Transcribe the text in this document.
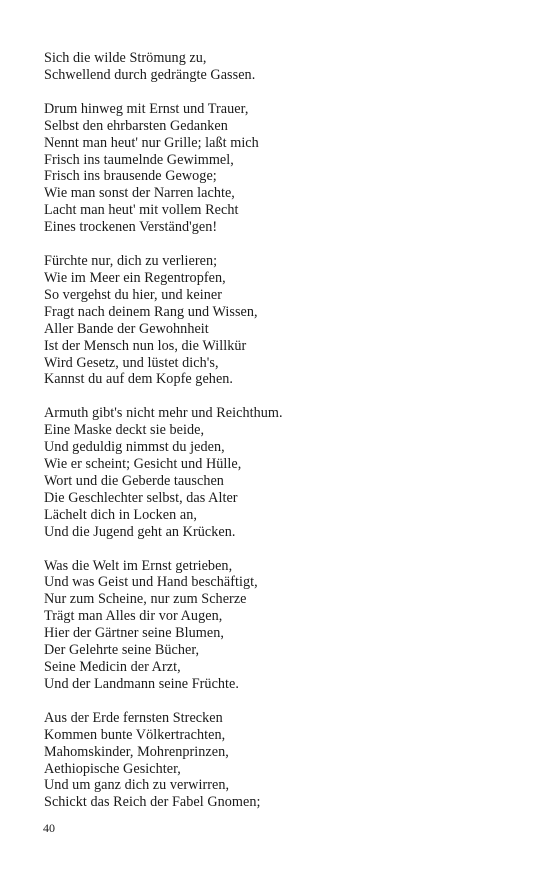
Sich die wilde Strömung zu,
Schwellend durch gedrängte Gassen.
Drum hinweg mit Ernst und Trauer,
Selbst den ehrbarsten Gedanken
Nennt man heut' nur Grille; laßt mich
Frisch ins taumelnde Gewimmel,
Frisch ins brausende Gewoge;
Wie man sonst der Narren lachte,
Lacht man heut' mit vollem Recht
Eines trockenen Verständ'gen!
Fürchte nur, dich zu verlieren;
Wie im Meer ein Regentropfen,
So vergehst du hier, und keiner
Fragt nach deinem Rang und Wissen,
Aller Bande der Gewohnheit
Ist der Mensch nun los, die Willkür
Wird Gesetz, und lüstet dich's,
Kannst du auf dem Kopfe gehen.
Armuth gibt's nicht mehr und Reichthum.
Eine Maske deckt sie beide,
Und geduldig nimmst du jeden,
Wie er scheint; Gesicht und Hülle,
Wort und die Geberde tauschen
Die Geschlechter selbst, das Alter
Lächelt dich in Locken an,
Und die Jugend geht an Krücken.
Was die Welt im Ernst getrieben,
Und was Geist und Hand beschäftigt,
Nur zum Scheine, nur zum Scherze
Trägt man Alles dir vor Augen,
Hier der Gärtner seine Blumen,
Der Gelehrte seine Bücher,
Seine Medicin der Arzt,
Und der Landmann seine Früchte.
Aus der Erde fernsten Strecken
Kommen bunte Völkertrachten,
Mahomskinder, Mohrenprinzen,
Aethiopische Gesichter,
Und um ganz dich zu verwirren,
Schickt das Reich der Fabel Gnomen;
40
